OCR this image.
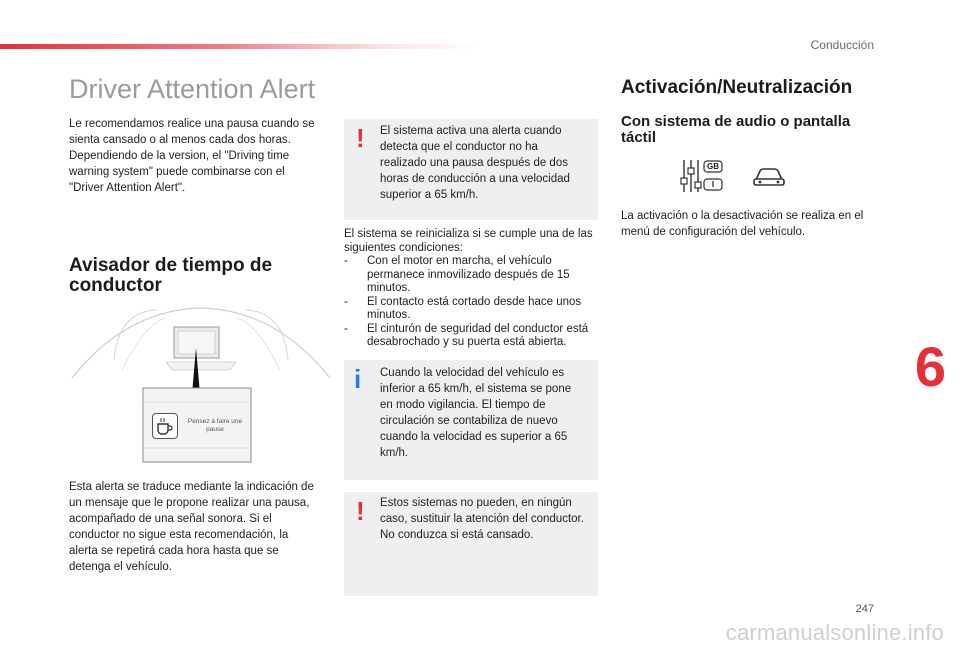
Conducción
6
247
carmanualsonline.info
Driver Attention Alert
Le recomendamos realice una pausa cuando se sienta cansado o al menos cada dos horas. Dependiendo de la version, el "Driving time warning system" puede combinarse con el "Driver Attention Alert".
Avisador de tiempo de conductor
Pensez à faire une pause
Esta alerta se traduce mediante la indicación de un mensaje que le propone realizar una pausa, acompañado de una señal sonora. Si el conductor no sigue esta recomendación, la alerta se repetirá cada hora hasta que se detenga el vehículo.
! El sistema activa una alerta cuando detecta que el conductor no ha realizado una pausa después de dos horas de conducción a una velocidad superior a 65 km/h.
El sistema se reinicializa si se cumple una de las siguientes condiciones:
- Con el motor en marcha, el vehículo permanece inmovilizado después de 15 minutos.
- El contacto está cortado desde hace unos minutos.
- El cinturón de seguridad del conductor está desabrochado y su puerta está abierta.
i Cuando la velocidad del vehículo es inferior a 65 km/h, el sistema se pone en modo vigilancia. El tiempo de circulación se contabiliza de nuevo cuando la velocidad es superior a 65 km/h.
! Estos sistemas no pueden, en ningún caso, sustituir la atención del conductor. No conduzca si está cansado.
Activación/Neutralización
Con sistema de audio o pantalla táctil
GB
I
La activación o la desactivación se realiza en el menú de configuración del vehículo.
